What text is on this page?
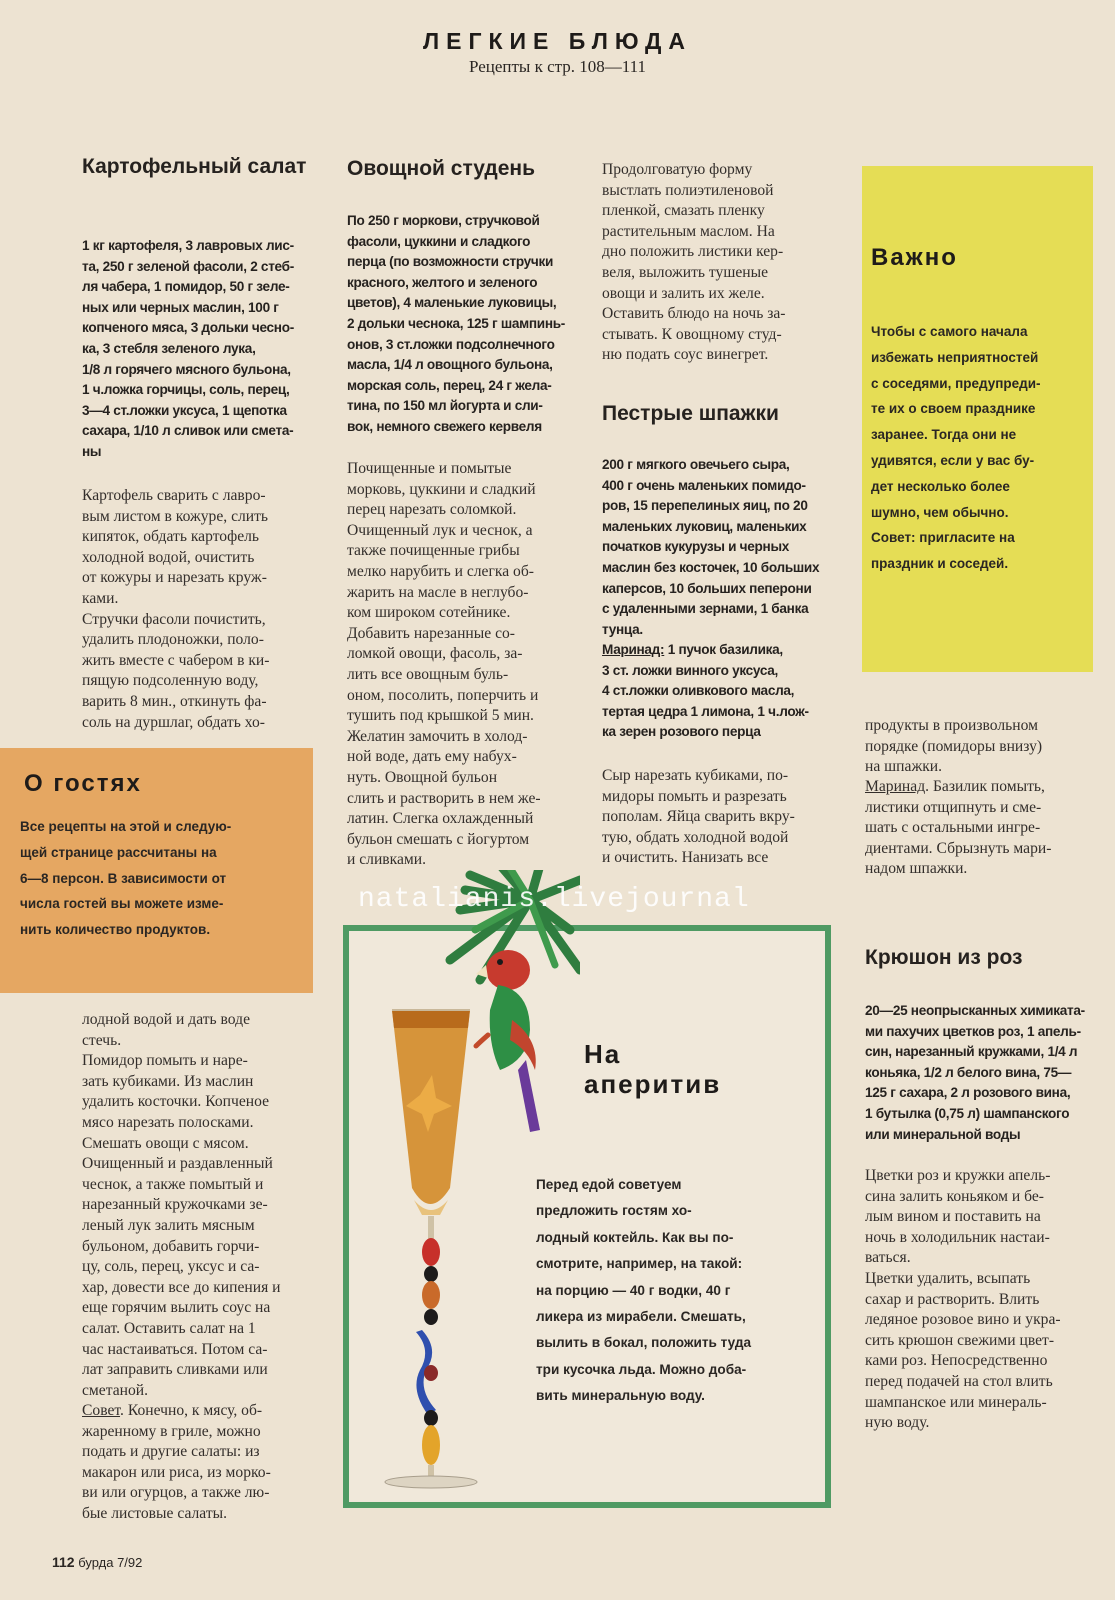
ЛЕГКИЕ БЛЮДА
Рецепты к стр. 108—111
Картофельный салат
1 кг картофеля, 3 лавровых лис-
та, 250 г зеленой фасоли, 2 стеб-
ля чабера, 1 помидор, 50 г зеле-
ных или черных маслин, 100 г
копченого мяса, 3 дольки чесно-
ка, 3 стебля зеленого лука,
1/8 л горячего мясного бульона,
1 ч.ложка горчицы, соль, перец,
3—4 ст.ложки уксуса, 1 щепотка
сахара, 1/10 л сливок или смета-
ны
Картофель сварить с лавро-
вым листом в кожуре, слить
кипяток, обдать картофель
холодной водой, очистить
от кожуры и нарезать круж-
ками.
Стручки фасоли почистить,
удалить плодоножки, поло-
жить вместе с чабером в ки-
пящую подсоленную воду,
варить 8 мин., откинуть фа-
соль на дуршлаг, обдать хо-
О гостях
Все рецепты на этой и следую-
щей странице рассчитаны на
6—8 персон. В зависимости от
числа гостей вы можете изме-
нить количество продуктов.
лодной водой и дать воде
стечь.
Помидор помыть и наре-
зать кубиками. Из маслин
удалить косточки. Копченое
мясо нарезать полосками.
Смешать овощи с мясом.
Очищенный и раздавленный
чеснок, а также помытый и
нарезанный кружочками зе-
леный лук залить мясным
бульоном, добавить горчи-
цу, соль, перец, уксус и са-
хар, довести все до кипения и
еще горячим вылить соус на
салат. Оставить салат на 1
час настаиваться. Потом са-
лат заправить сливками или
сметаной.
Совет. Конечно, к мясу, об-
жаренному в гриле, можно
подать и другие салаты: из
макарон или риса, из морко-
ви или огурцов, а также лю-
бые листовые салаты.
Овощной студень
По 250 г моркови, стручковой
фасоли, цуккини и сладкого
перца (по возможности стручки
красного, желтого и зеленого
цветов), 4 маленькие луковицы,
2 дольки чеснока, 125 г шампинь-
онов, 3 ст.ложки подсолнечного
масла, 1/4 л овощного бульона,
морская соль, перец, 24 г жела-
тина, по 150 мл йогурта и сли-
вок, немного свежего кервеля
Почищенные и помытые
морковь, цуккини и сладкий
перец нарезать соломкой.
Очищенный лук и чеснок, а
также почищенные грибы
мелко нарубить и слегка об-
жарить на масле в неглубо-
ком широком сотейнике.
Добавить нарезанные со-
ломкой овощи, фасоль, за-
лить все овощным буль-
оном, посолить, поперчить и
тушить под крышкой 5 мин.
Желатин замочить в холод-
ной воде, дать ему набух-
нуть. Овощной бульон
слить и растворить в нем же-
латин. Слегка охлажденный
бульон смешать с йогуртом
и сливками.
Продолговатую форму
выстлать полиэтиленовой
пленкой, смазать пленку
растительным маслом. На
дно положить листики кер-
веля, выложить тушеные
овощи и залить их желе.
Оставить блюдо на ночь за-
стывать. К овощному студ-
ню подать соус винегрет.
Пестрые шпажки
200 г мягкого овечьего сыра,
400 г очень маленьких помидо-
ров, 15 перепелиных яиц, по 20
маленьких луковиц, маленьких
початков кукурузы и черных
маслин без косточек, 10 больших
каперсов, 10 больших пеперони
с удаленными зернами, 1 банка
тунца.
Маринад: 1 пучок базилика,
3 ст. ложки винного уксуса,
4 ст.ложки оливкового масла,
тертая цедра 1 лимона, 1 ч.лож-
ка зерен розового перца
Сыр нарезать кубиками, по-
мидоры помыть и разрезать
пополам. Яйца сварить вкру-
тую, обдать холодной водой
и очистить. Нанизать все
Важно
Чтобы с самого начала
избежать неприятностей
с соседями, предупреди-
те их о своем празднике
заранее. Тогда они не
удивятся, если у вас бу-
дет несколько более
шумно, чем обычно.
Совет: пригласите на
праздник и соседей.
продукты в произвольном
порядке (помидоры внизу)
на шпажки.
Маринад. Базилик помыть,
листики отщипнуть и сме-
шать с остальными ингре-
диентами. Сбрызнуть мари-
надом шпажки.
Крюшон из роз
20—25 неопрысканных химиката-
ми пахучих цветков роз, 1 апель-
син, нарезанный кружками, 1/4 л
коньяка, 1/2 л белого вина, 75—
125 г сахара, 2 л розового вина,
1 бутылка (0,75 л) шампанского
или минеральной воды
Цветки роз и кружки апель-
сина залить коньяком и бе-
лым вином и поставить на
ночь в холодильник настаи-
ваться.
Цветки удалить, всыпать
сахар и растворить. Влить
ледяное розовое вино и укра-
сить крюшон свежими цвет-
ками роз. Непосредственно
перед подачей на стол влить
шампанское или минераль-
ную воду.
На
аперитив
Перед едой советуем
предложить гостям хо-
лодный коктейль. Как вы по-
смотрите, например, на такой:
на порцию — 40 г водки, 40 г
ликера из мирабели. Смешать,
вылить в бокал, положить туда
три кусочка льда. Можно доба-
вить минеральную воду.
natalianis.livejournal
112 бурда 7/92
